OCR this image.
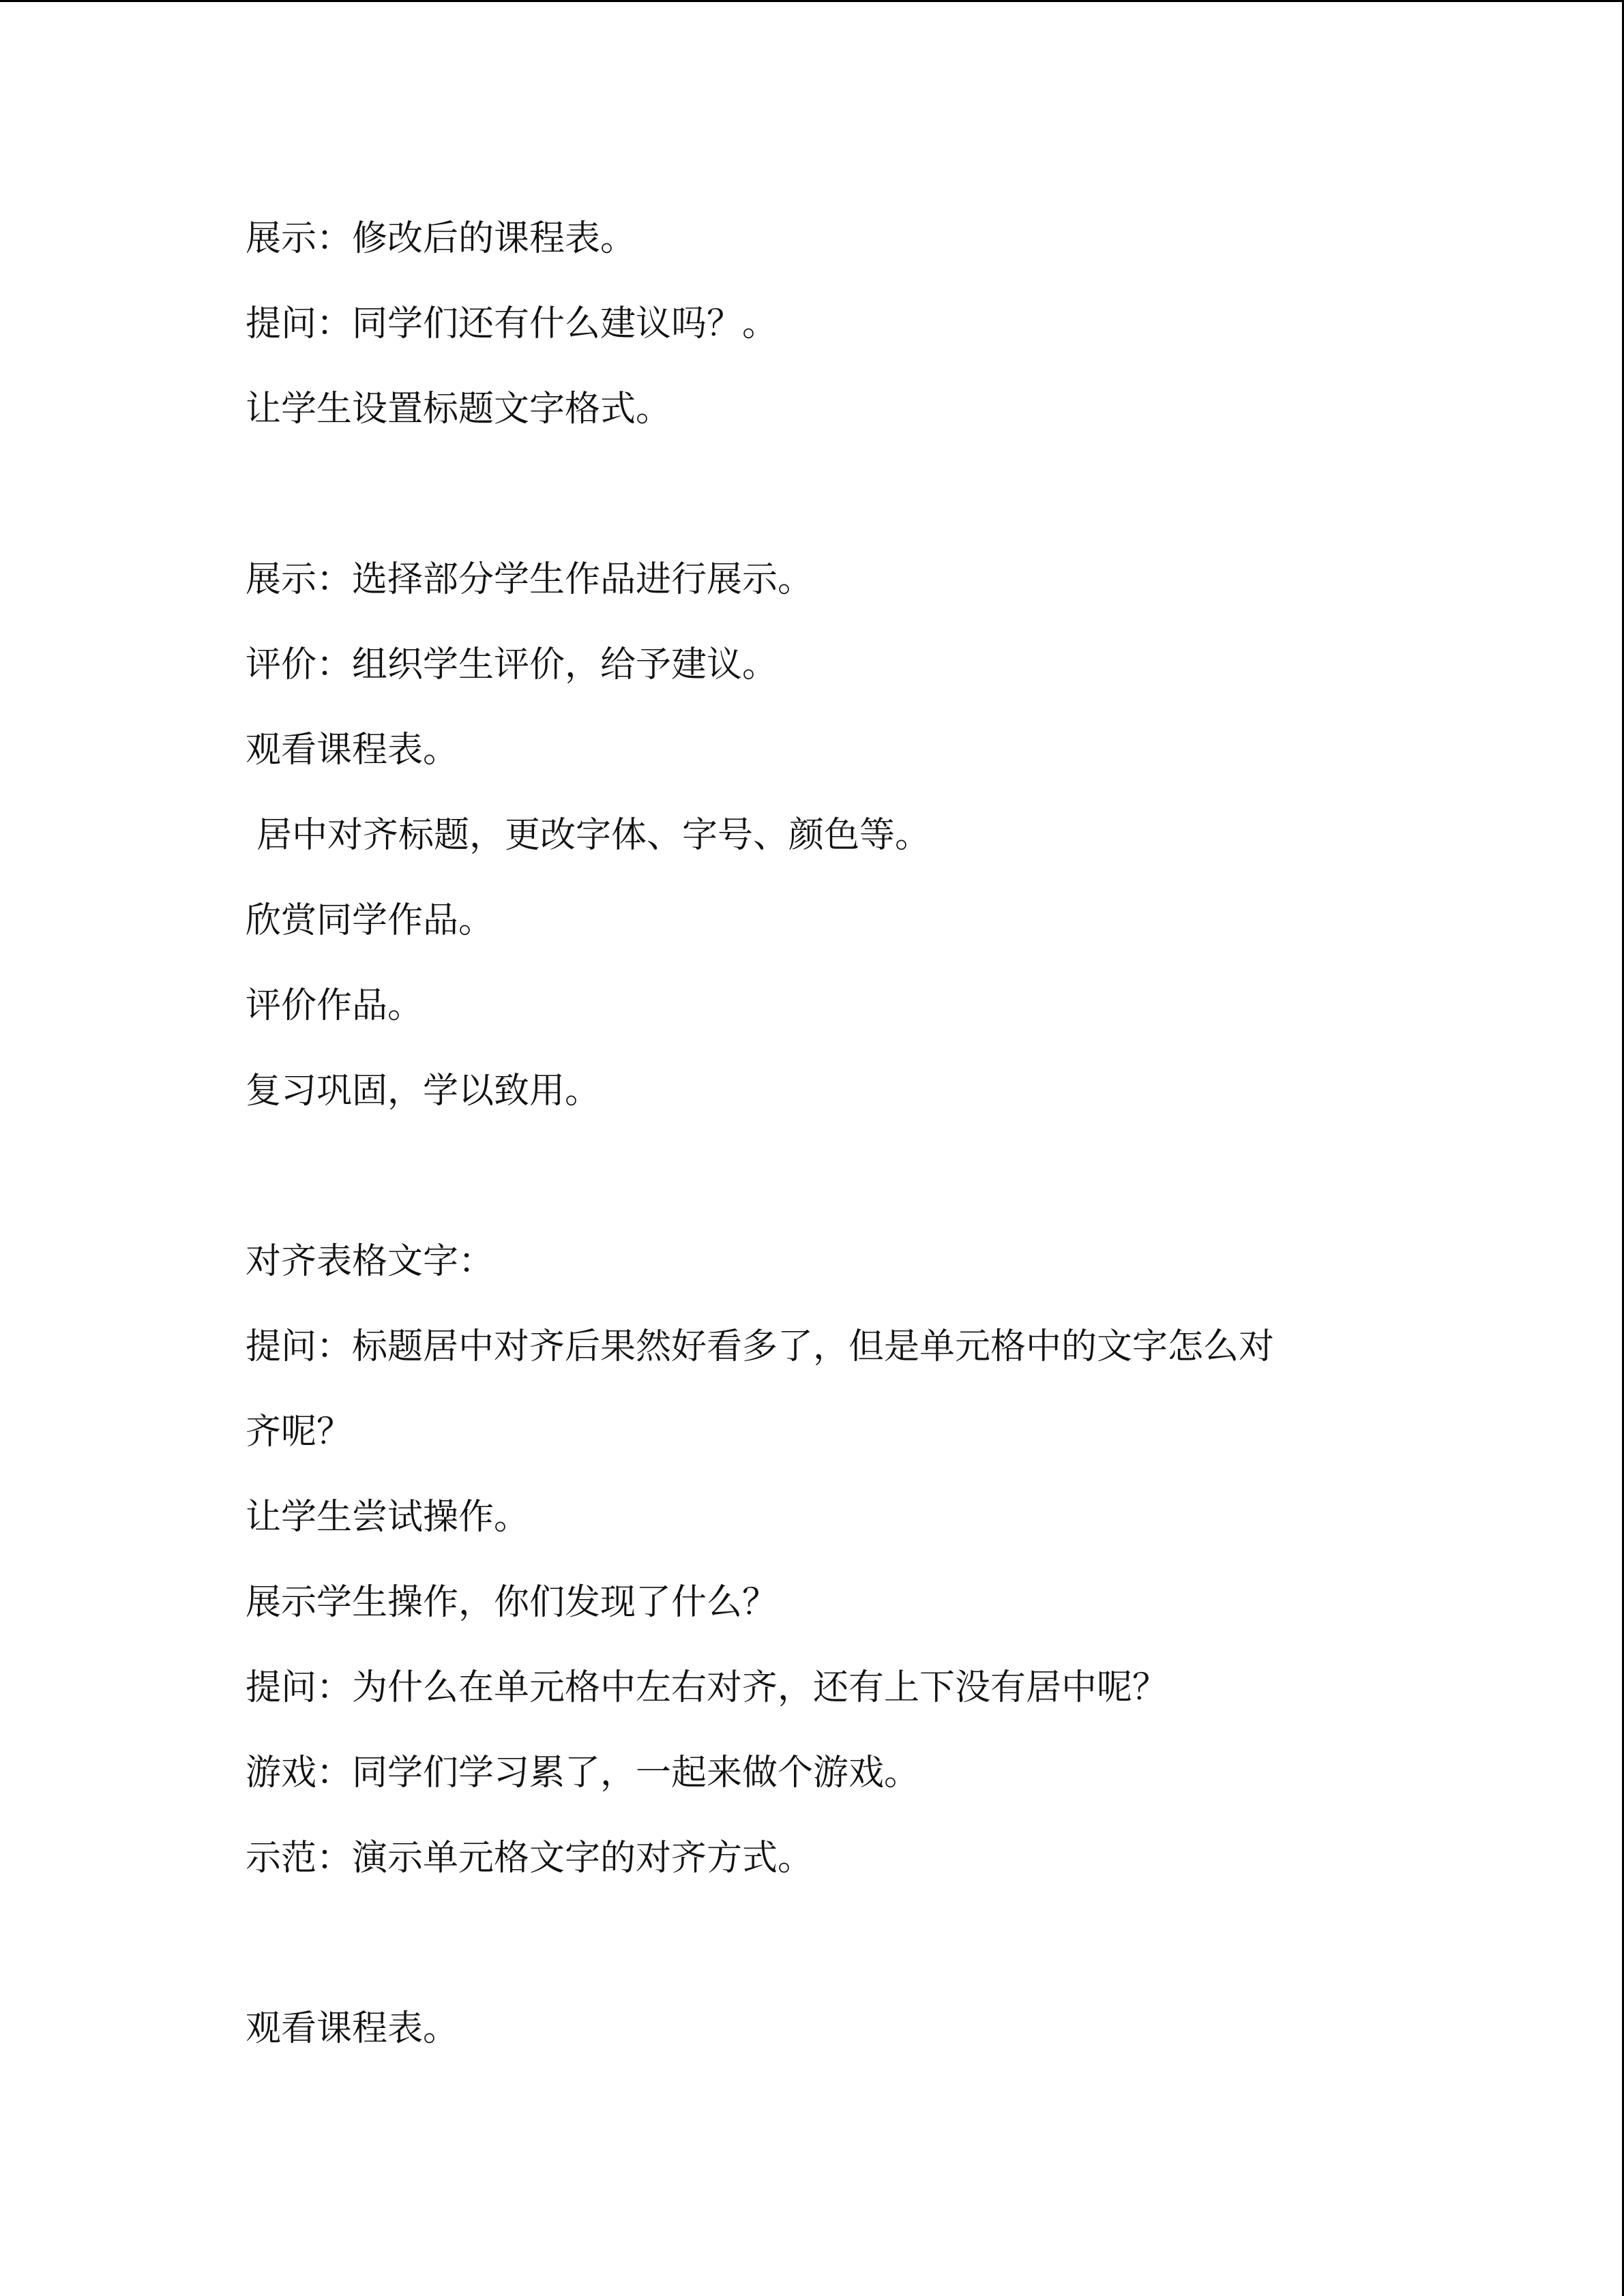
展示：修改后的课程表。
提问：同学们还有什么建议吗？。
让学生设置标题文字格式。
展示：选择部分学生作品进行展示。
评价：组织学生评价，给予建议。
观看课程表。
居中对齐标题，更改字体、字号、颜色等。
欣赏同学作品。
评价作品。
复习巩固，学以致用。
对齐表格文字：
提问：标题居中对齐后果然好看多了，但是单元格中的文字怎么对
齐呢？
让学生尝试操作。
展示学生操作，你们发现了什么？
提问：为什么在单元格中左右对齐，还有上下没有居中呢？
游戏：同学们学习累了，一起来做个游戏。
示范：演示单元格文字的对齐方式。
观看课程表。
